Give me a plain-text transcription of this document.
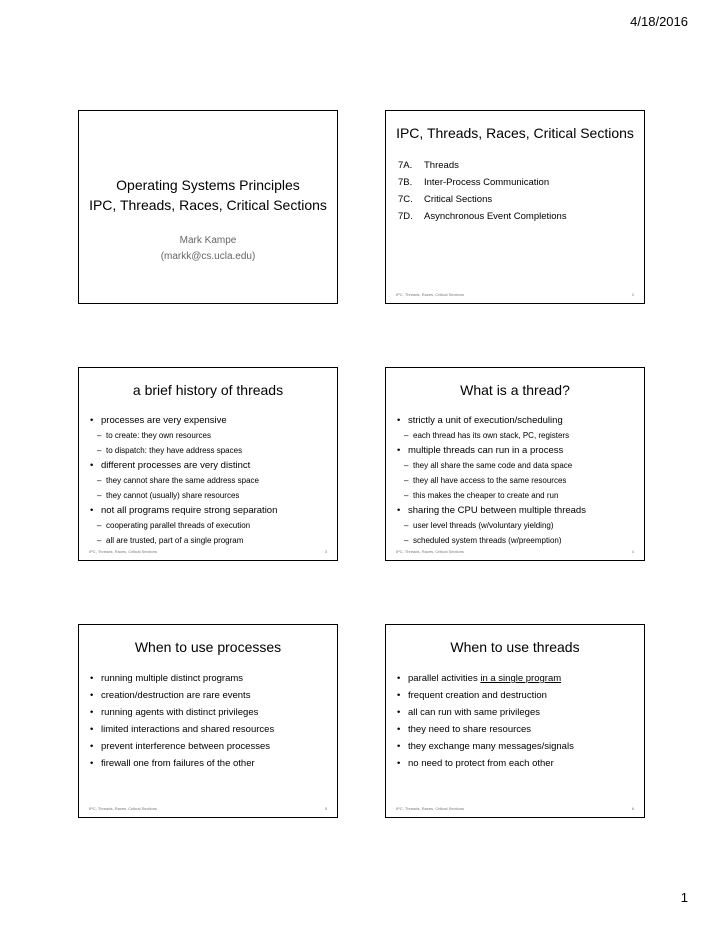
4/18/2016
Operating Systems Principles
IPC, Threads, Races, Critical Sections
Mark Kampe
(markk@cs.ucla.edu)
IPC, Threads, Races, Critical Sections
7A.	Threads
7B.	Inter-Process Communication
7C.	Critical Sections
7D.	Asynchronous Event Completions
IPC, Threads, Races, Critical Sections	2
a brief history of threads
• processes are very expensive
– to create: they own resources
– to dispatch: they have address spaces
• different processes are very distinct
– they cannot share the same address space
– they cannot (usually) share resources
• not all programs require strong separation
– cooperating parallel threads of execution
– all are trusted, part of a single program
IPC, Threads, Races, Critical Sections	3
What is a thread?
• strictly a unit of execution/scheduling
– each thread has its own stack, PC, registers
• multiple threads can run in a process
– they all share the same code and data space
– they all have access to the same resources
– this makes the cheaper to create and run
• sharing the CPU between multiple threads
– user level threads (w/voluntary yielding)
– scheduled system threads (w/preemption)
IPC, Threads, Races, Critical Sections	4
When to use processes
• running multiple distinct programs
• creation/destruction are rare events
• running agents with distinct privileges
• limited interactions and shared resources
• prevent interference between processes
• firewall one from failures of the other
IPC, Threads, Races, Critical Sections	5
When to use threads
• parallel activities in a single program
• frequent creation and destruction
• all can run with same privileges
• they need to share resources
• they exchange many messages/signals
• no need to protect from each other
IPC, Threads, Races, Critical Sections	6
1
